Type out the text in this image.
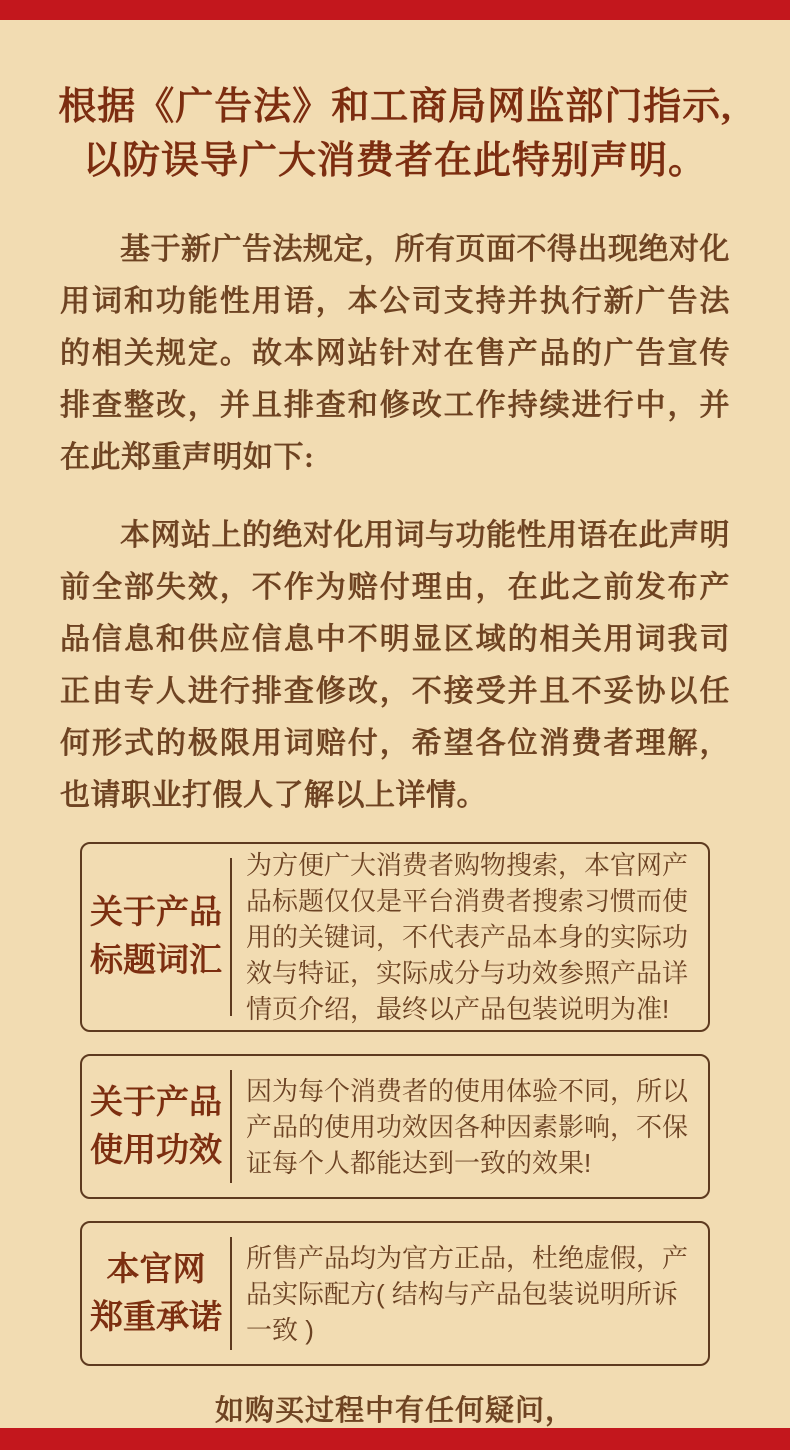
根据《广告法》和工商局网监部门指示,
以防误导广大消费者在此特别声明。

基于新广告法规定，所有页面不得出现绝对化用词和功能性用语，本公司支持并执行新广告法的相关规定。故本网站针对在售产品的广告宣传排查整改，并且排查和修改工作持续进行中，并在此郑重声明如下:

本网站上的绝对化用词与功能性用语在此声明前全部失效，不作为赔付理由，在此之前发布产品信息和供应信息中不明显区域的相关用词我司正由专人进行排查修改，不接受并且不妥协以任何形式的极限用词赔付，希望各位消费者理解，也请职业打假人了解以上详情。

关于产品
标题词汇
为方便广大消费者购物搜索，本官网产品标题仅仅是平台消费者搜索习惯而使用的关键词，不代表产品本身的实际功效与特证，实际成分与功效参照产品详情页介绍，最终以产品包装说明为准!
关于产品
使用功效
因为每个消费者的使用体验不同，所以产品的使用功效因各种因素影响，不保证每个人都能达到一致的效果!
本官网
郑重承诺
所售产品均为官方正品，杜绝虚假，产品实际配方( 结构与产品包装说明所诉一致 )
如购买过程中有任何疑问，
